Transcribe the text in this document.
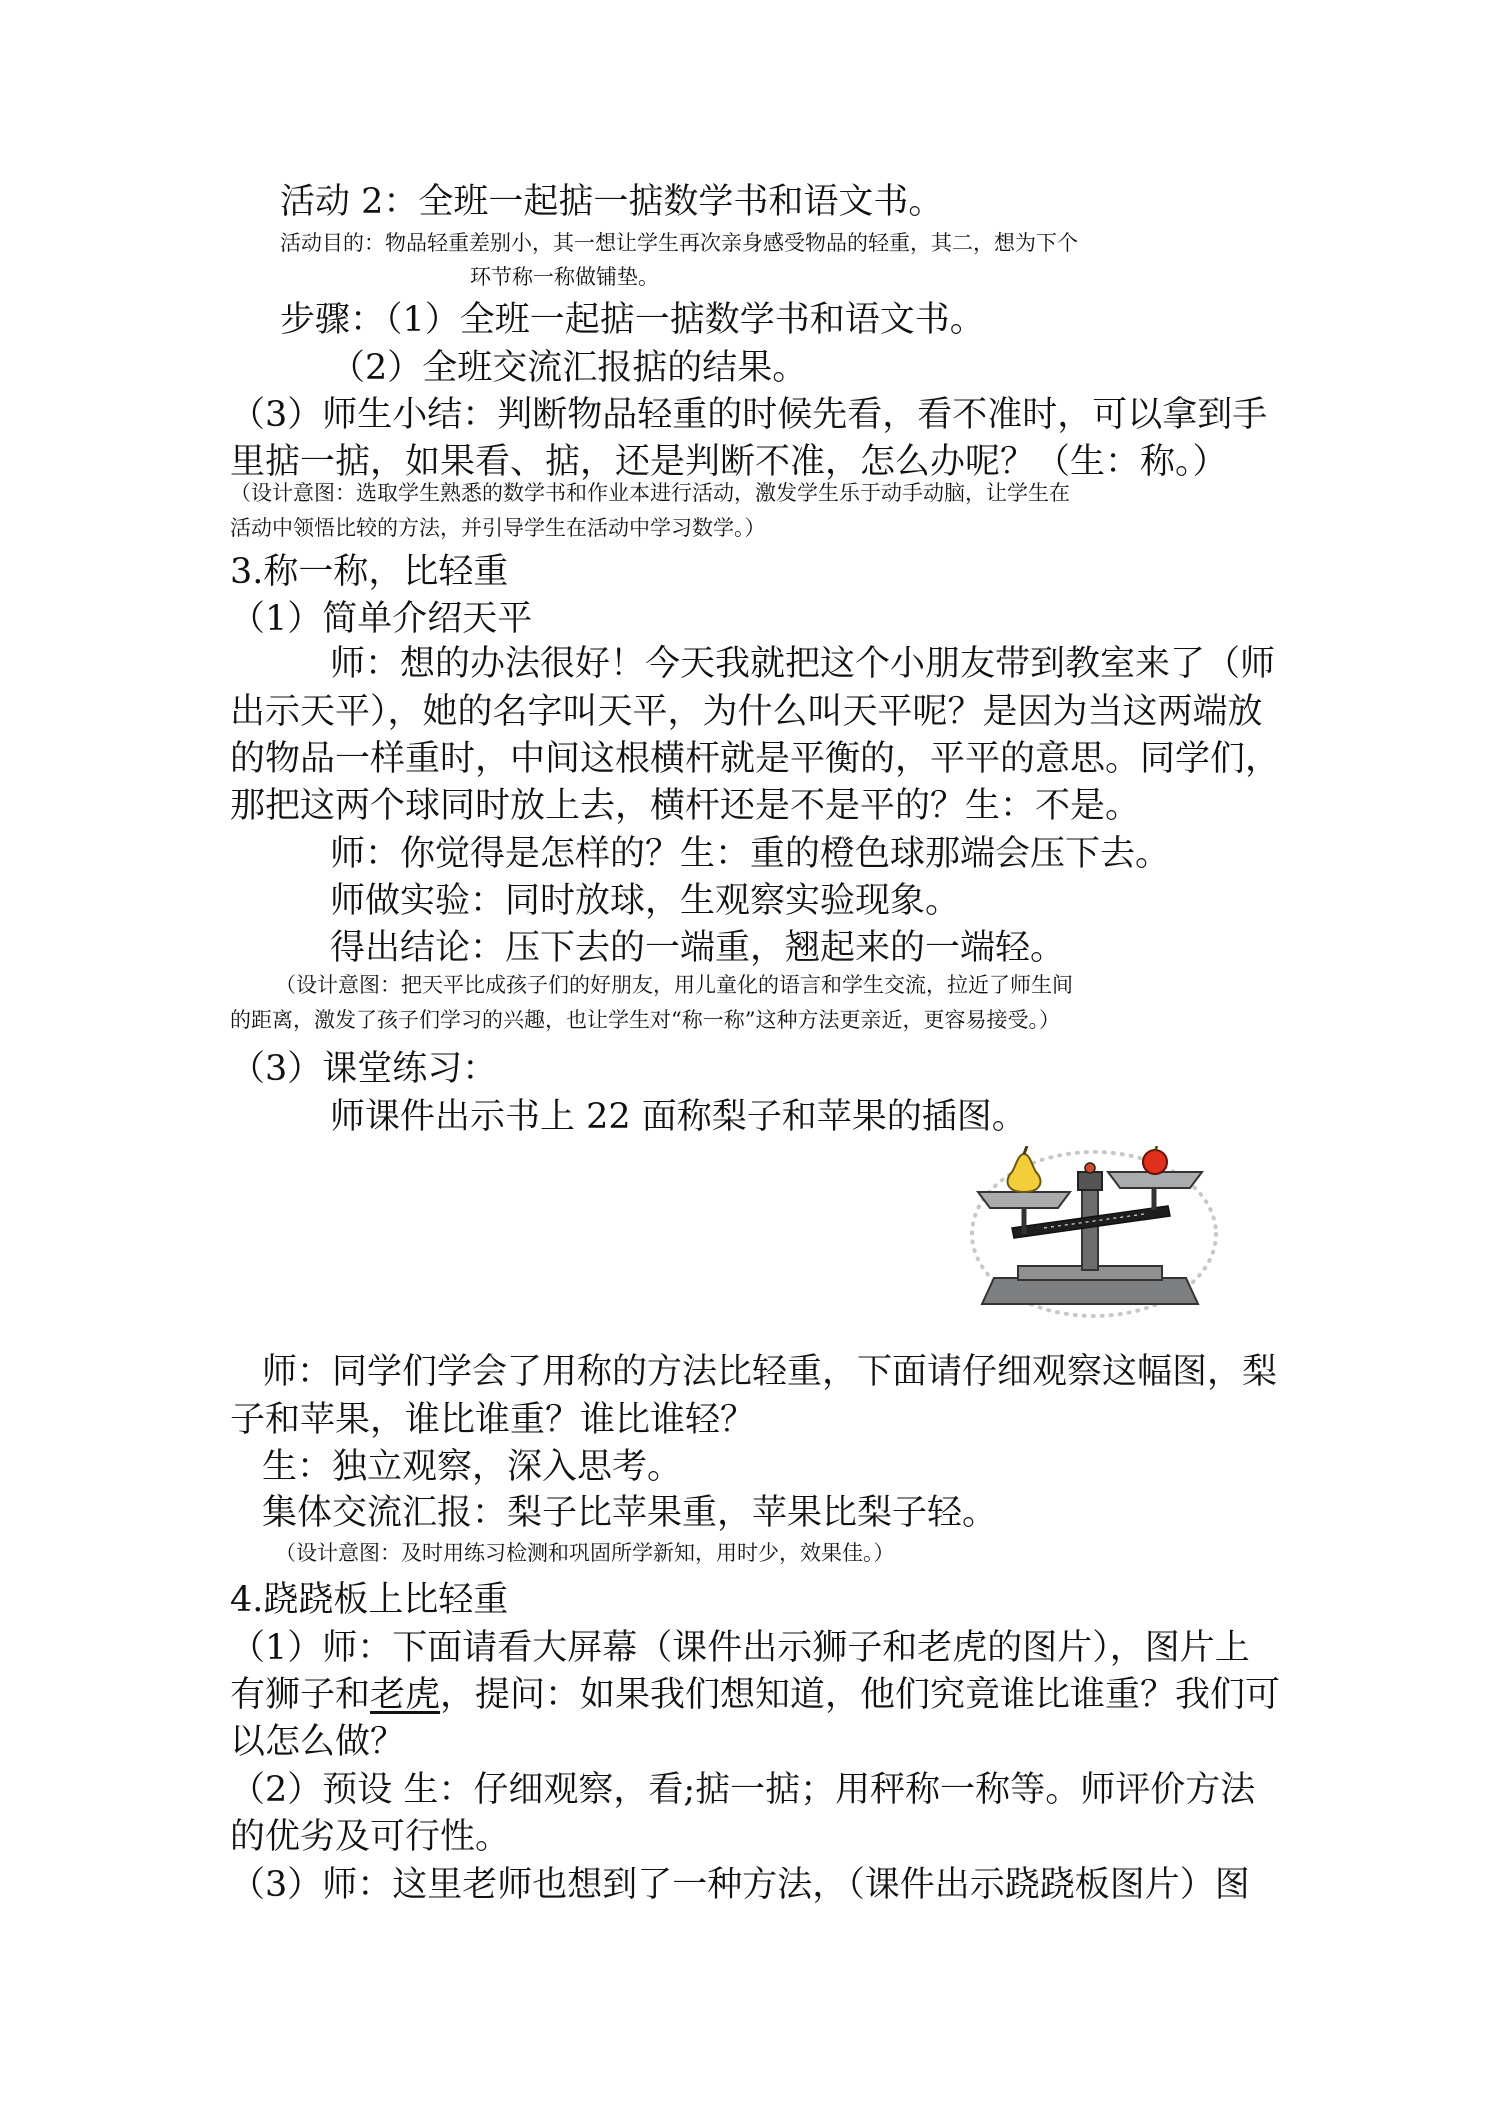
活动 2：全班一起掂一掂数学书和语文书。
活动目的：物品轻重差别小，其一想让学生再次亲身感受物品的轻重，其二，想为下个
环节称一称做铺垫。
步骤：（1）全班一起掂一掂数学书和语文书。
（2）全班交流汇报掂的结果。
（3）师生小结：判断物品轻重的时候先看，看不准时，可以拿到手
里掂一掂，如果看、掂，还是判断不准，怎么办呢？（生：称。）
（设计意图：选取学生熟悉的数学书和作业本进行活动，激发学生乐于动手动脑，让学生在
活动中领悟比较的方法，并引导学生在活动中学习数学。）
3.称一称，比轻重
（1）简单介绍天平
师：想的办法很好！今天我就把这个小朋友带到教室来了（师
出示天平），她的名字叫天平，为什么叫天平呢？是因为当这两端放
的物品一样重时，中间这根横杆就是平衡的，平平的意思。同学们，
那把这两个球同时放上去，横杆还是不是平的？生：不是。
师：你觉得是怎样的？生：重的橙色球那端会压下去。
师做实验：同时放球，生观察实验现象。
得出结论：压下去的一端重，翘起来的一端轻。
（设计意图：把天平比成孩子们的好朋友，用儿童化的语言和学生交流，拉近了师生间
的距离，激发了孩子们学习的兴趣，也让学生对“称一称”这种方法更亲近，更容易接受。）
（3）课堂练习：
师课件出示书上 22 面称梨子和苹果的插图。
师：同学们学会了用称的方法比轻重，下面请仔细观察这幅图，梨
子和苹果，谁比谁重？谁比谁轻？
生：独立观察，深入思考。
集体交流汇报：梨子比苹果重，苹果比梨子轻。
（设计意图：及时用练习检测和巩固所学新知，用时少，效果佳。）
4.跷跷板上比轻重
（1）师：下面请看大屏幕（课件出示狮子和老虎的图片），图片上
有狮子和老虎，提问：如果我们想知道，他们究竟谁比谁重？我们可
以怎么做？
（2）预设 生：仔细观察，看;掂一掂；用秤称一称等。师评价方法
的优劣及可行性。
（3）师：这里老师也想到了一种方法，（课件出示跷跷板图片）图
